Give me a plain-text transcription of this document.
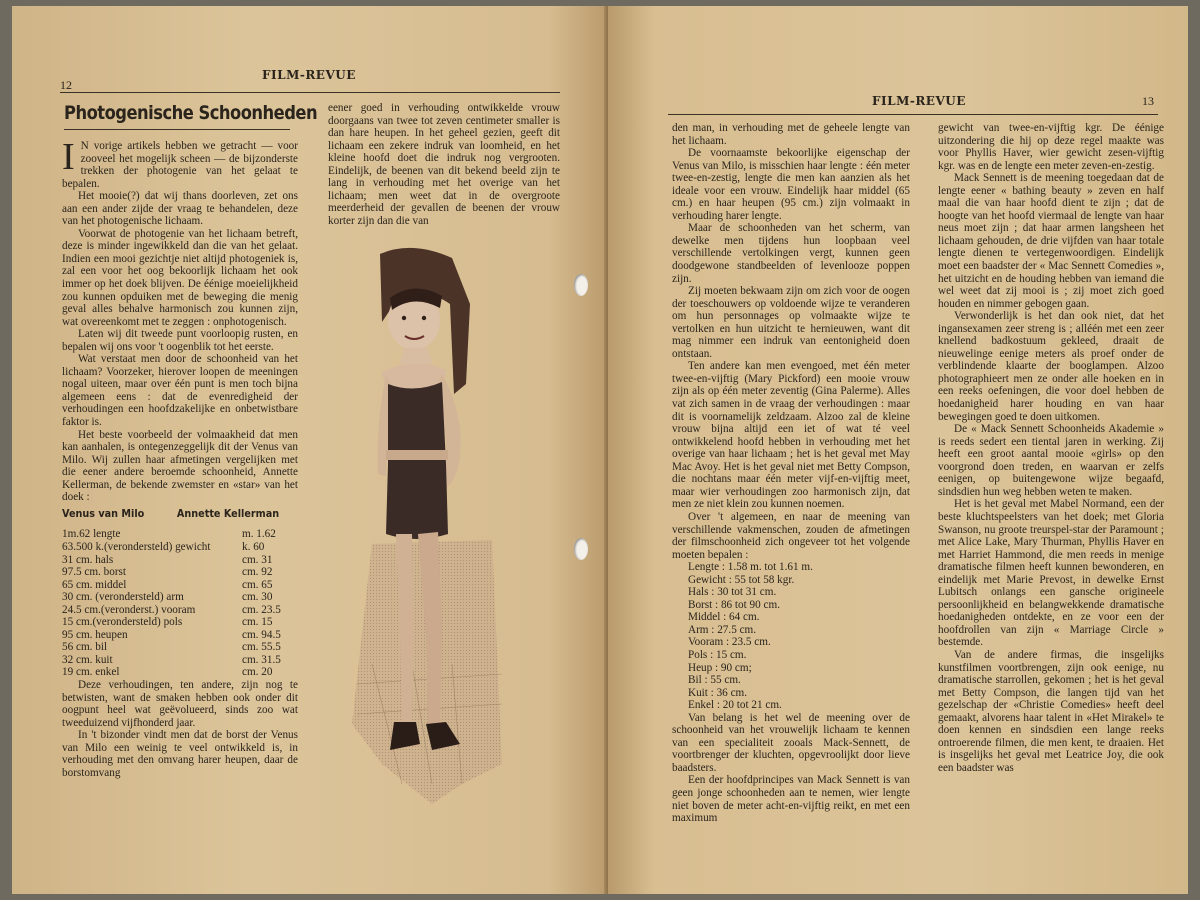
12
FILM-REVUE
Photogenische Schoonheden

I N vorige artikels hebben we getracht — voor zooveel het mogelijk scheen — de bijzonderste trekken der photogenie van het gelaat te bepalen.

Het mooie(?) dat wij thans doorleven, zet ons aan een ander zijde der vraag te behandelen, deze van het photogenische lichaam.

Voorwat de photogenie van het lichaam betreft, deze is minder ingewikkeld dan die van het gelaat. Indien een mooi gezichtje niet altijd photogeniek is, zal een voor het oog bekoorlijk lichaam het ook immer op het doek blijven. De éénige moeielijkheid zou kunnen opduiken met de beweging die menig geval alles behalve harmonisch zou kunnen zijn, wat overeenkomt met te zeggen : onphotogenisch.

Laten wij dit tweede punt voorloopig rusten, en bepalen wij ons voor 't oogenblik tot het eerste.

Wat verstaat men door de schoonheid van het lichaam? Voorzeker, hierover loopen de meeningen nogal uiteen, maar over één punt is men toch bijna algemeen eens : dat de evenredigheid der verhoudingen een hoofdzakelijke en onbetwistbare faktor is.

Het beste voorbeeld der volmaakheid dat men kan aanhalen, is ontegenzeggelijk dit der Venus van Milo. Wij zullen haar afmetingen vergelijken met die eener andere beroemde schoonheid, Annette Kellerman, de bekende zwemster en «star» van het doek :

Venus van Milo	Annette Kellerman
1m.62 lengte	m. 1.62
63.500 k.(verondersteld) gewicht	k. 60
31 cm. hals	cm. 31
97.5 cm. borst	cm. 92
65 cm. middel	cm. 65
30 cm. (verondersteld) arm	cm. 30
24.5 cm.(veronderst.) vooram	cm. 23.5
15 cm.(verondersteld) pols	cm. 15
95 cm. heupen	cm. 94.5
56 cm. bil	cm. 55.5
32 cm. kuit	cm. 31.5
19 cm. enkel	cm. 20

Deze verhoudingen, ten andere, zijn nog te betwisten, want de smaken hebben ook onder dit oogpunt heel wat geëvolueerd, sinds zoo wat tweeduizend vijfhonderd jaar.

In 't bizonder vindt men dat de borst der Venus van Milo een weinig te veel ontwikkeld is, in verhouding met den omvang harer heupen, daar de borstomvang

eener goed in verhouding ontwikkelde vrouw doorgaans van twee tot zeven centimeter smaller is dan hare heupen. In het geheel gezien, geeft dit lichaam een zekere indruk van loomheid, en het kleine hoofd doet die indruk nog vergrooten. Eindelijk, de beenen van dit bekend beeld zijn te lang in verhouding met het overige van het lichaam; men weet dat in de overgroote meerderheid der gevallen de beenen der vrouw korter zijn dan die van

FILM-REVUE	13

den man, in verhouding met de geheele lengte van het lichaam.

De voornaamste bekoorlijke eigenschap der Venus van Milo, is misschien haar lengte : één meter twee-en-zestig, lengte die men kan aanzien als het ideale voor een vrouw. Eindelijk haar middel (65 cm.) en haar heupen (95 cm.) zijn volmaakt in verhouding harer lengte.

Maar de schoonheden van het scherm, van dewelke men tijdens hun loopbaan veel verschillende vertolkingen vergt, kunnen geen doodgewone standbeelden of levenlooze poppen zijn.

Zij moeten bekwaam zijn om zich voor de oogen der toeschouwers op voldoende wijze te veranderen om hun personnages op volmaakte wijze te vertolken en hun uitzicht te hernieuwen, want dit mag nimmer een indruk van eentonigheid doen ontstaan.

Ten andere kan men evengoed, met één meter twee-en-vijftig (Mary Pickford) een mooie vrouw zijn als op één meter zeventig (Gina Palerme). Alles vat zich samen in de vraag der verhoudingen : maar dit is voornamelijk zeldzaam. Alzoo zal de kleine vrouw bijna altijd een iet of wat té veel ontwikkelend hoofd hebben in verhouding met het overige van haar lichaam ; het is het geval met May Mac Avoy. Het is het geval niet met Betty Compson, die nochtans maar één meter vijf-en-vijftig meet, maar wier verhoudingen zoo harmonisch zijn, dat men ze niet klein zou kunnen noemen.

Over 't algemeen, en naar de meening van verschillende vakmenschen, zouden de afmetingen der filmschoonheid zich ongeveer tot het volgende moeten bepalen :

Lengte : 1.58 m. tot 1.61 m.
Gewicht : 55 tot 58 kgr.
Hals : 30 tot 31 cm.
Borst : 86 tot 90 cm.
Middel : 64 cm.
Arm : 27.5 cm.
Vooram : 23.5 cm.
Pols : 15 cm.
Heup : 90 cm;
Bil : 55 cm.
Kuit : 36 cm.
Enkel : 20 tot 21 cm.

Van belang is het wel de meening over de schoonheid van het vrouwelijk lichaam te kennen van een specialiteit zooals Mack-Sennett, de voortbrenger der kluchten, opgevroolijkt door lieve baadsters.

Een der hoofdprincipes van Mack Sennett is van geen jonge schoonheden aan te nemen, wier lengte niet boven de meter acht-en-vijftig reikt, en met een maximum

gewicht van twee-en-vijftig kgr. De éénige uitzondering die hij op deze regel maakte was voor Phyllis Haver, wier gewicht zesen-vijftig kgr. was en de lengte een meter zeven-en-zestig.

Mack Sennett is de meening toegedaan dat de lengte eener « bathing beauty » zeven en half maal die van haar hoofd dient te zijn ; dat de hoogte van het hoofd viermaal de lengte van haar neus moet zijn ; dat haar armen langsheen het lichaam gehouden, de drie vijfden van haar totale lengte dienen te vertegenwoordigen. Eindelijk moet een baadster der « Mac Sennett Comedies », het uitzicht en de houding hebben van iemand die wel weet dat zij mooi is ; zij moet zich goed houden en nimmer gebogen gaan.

Verwonderlijk is het dan ook niet, dat het ingansexamen zeer streng is ; alléén met een zeer knellend badkostuum gekleed, draait de nieuwelinge eenige meters als proef onder de verblindende klaarte der booglampen. Alzoo photographieert men ze onder alle hoeken en in een reeks oefeningen, die voor doel hebben de hoedanigheid harer houding en van haar bewegingen goed te doen uitkomen.

De « Mack Sennett Schoonheids Akademie » is reeds sedert een tiental jaren in werking. Zij heeft een groot aantal mooie «girls» op den voorgrond doen treden, en waarvan er zelfs eenigen, op buitengewone wijze begaafd, sindsdien hun weg hebben weten te maken.

Het is het geval met Mabel Normand, een der beste kluchtspeelsters van het doek; met Gloria Swanson, nu groote treurspel-star der Paramount ; met Alice Lake, Mary Thurman, Phyllis Haver en met Harriet Hammond, die men reeds in menige dramatische filmen heeft kunnen bewonderen, en eindelijk met Marie Prevost, in dewelke Ernst Lubitsch onlangs een gansche origineele persoonlijkheid en belangwekkende dramatische hoedanigheden ontdekte, en ze voor een der hoofdrollen van zijn « Marriage Circle » bestemde.

Van de andere firmas, die insgelijks kunstfilmen voortbrengen, zijn ook eenige, nu dramatische starrollen, gekomen ; het is het geval met Betty Compson, die langen tijd van het gezelschap der «Christie Comedies» heeft deel gemaakt, alvorens haar talent in «Het Mirakel» te doen kennen en sindsdien een lange reeks ontroerende filmen, die men kent, te draaien. Het is insgelijks het geval met Leatrice Joy, die ook een baadster was
